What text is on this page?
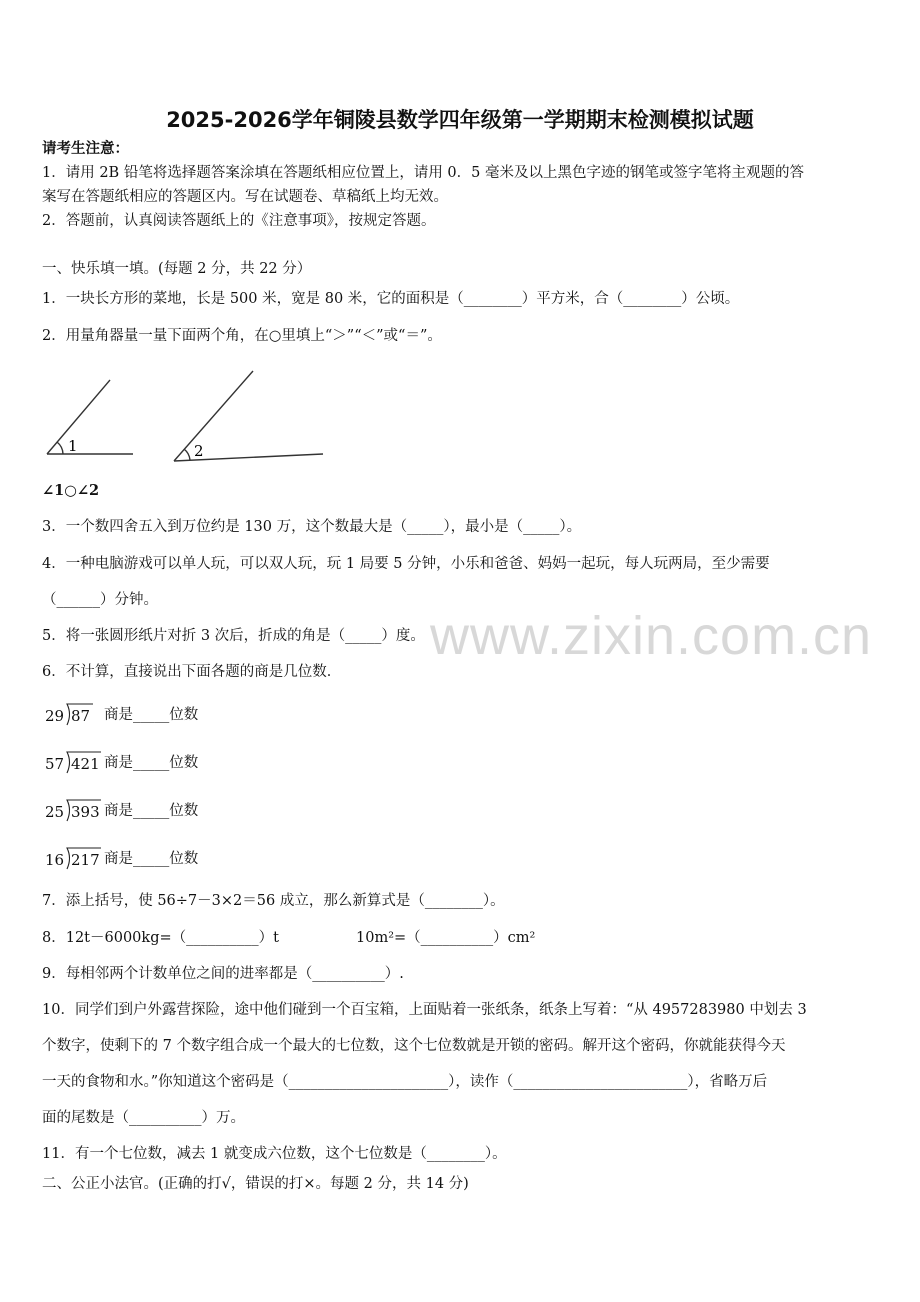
2025-2026学年铜陵县数学四年级第一学期期末检测模拟试题
请考生注意：
1．请用 2B 铅笔将选择题答案涂填在答题纸相应位置上，请用 0．5 毫米及以上黑色字迹的钢笔或签字笔将主观题的答
案写在答题纸相应的答题区内。写在试题卷、草稿纸上均无效。
2．答题前，认真阅读答题纸上的《注意事项》，按规定答题。
一、快乐填一填。(每题 2 分，共 22 分）
1．一块长方形的菜地，长是 500 米，宽是 80 米，它的面积是（________）平方米，合（________）公顷。
2．用量角器量一量下面两个角，在○里填上“＞”“＜”或“＝”。
1	2
∠1○∠2
3．一个数四舍五入到万位约是 130 万，这个数最大是（_____），最小是（_____）。
4．一种电脑游戏可以单人玩，可以双人玩，玩 1 局要 5 分钟，小乐和爸爸、妈妈一起玩，每人玩两局，至少需要
（______）分钟。
5．将一张圆形纸片对折 3 次后，折成的角是（_____）度。
6．不计算，直接说出下面各题的商是几位数．
29 87 商是_____位数
57 421 商是_____位数
25 393 商是_____位数
16 217 商是_____位数
7．添上括号，使 56÷7－3×2＝56 成立，那么新算式是（________）。
8．12t－6000kg=（__________）t	10m²=（__________）cm²
9．每相邻两个计数单位之间的进率都是（__________）.
10．同学们到户外露营探险，途中他们碰到一个百宝箱，上面贴着一张纸条，纸条上写着：“从 4957283980 中划去 3
个数字，使剩下的 7 个数字组合成一个最大的七位数，这个七位数就是开锁的密码。解开这个密码，你就能获得今天
一天的食物和水。”你知道这个密码是（______________________），读作（________________________），省略万后
面的尾数是（__________）万。
11．有一个七位数，减去 1 就变成六位数，这个七位数是（________）。
二、公正小法官。(正确的打√，错误的打×。每题 2 分，共 14 分)
www.zixin.com.cn
